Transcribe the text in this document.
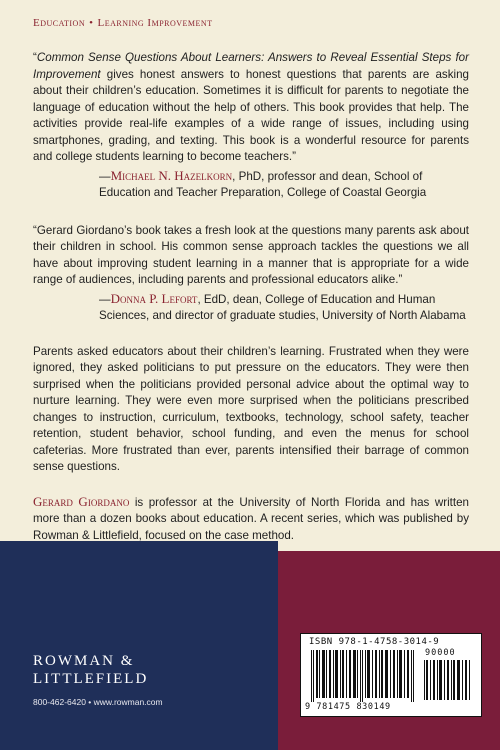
Education • Learning Improvement

“Common Sense Questions About Learners: Answers to Reveal Essential Steps for Improvement gives honest answers to honest questions that parents are asking about their children’s education. Sometimes it is difficult for parents to negotiate the language of education without the help of others. This book provides that help. The activities provide real-life examples of a wide range of issues, including using smartphones, grading, and texting. This book is a wonderful resource for parents and college students learning to become teachers.”

—Michael N. Hazelkorn, PhD, professor and dean, School of Education and Teacher Preparation, College of Coastal Georgia

“Gerard Giordano’s book takes a fresh look at the questions many parents ask about their children in school. His common sense approach tackles the questions we all have about improving student learning in a manner that is appropriate for a wide range of audiences, including parents and professional educators alike.”

—Donna P. Lefort, EdD, dean, College of Education and Human Sciences, and director of graduate studies, University of North Alabama

Parents asked educators about their children’s learning. Frustrated when they were ignored, they asked politicians to put pressure on the educators. They were then surprised when the politicians provided personal advice about the optimal way to nurture learning. They were even more surprised when the politicians prescribed changes to instruction, curriculum, textbooks, technology, school safety, teacher retention, student behavior, school funding, and even the menus for school cafeterias. More frustrated than ever, parents intensified their barrage of common sense questions.

Gerard Giordano is professor at the University of North Florida and has written more than a dozen books about education. A recent series, which was published by Rowman & Littlefield, focused on the case method.

ROWMAN &
LITTLEFIELD
800-462-6420 • www.rowman.com
ISBN 978-1-4758-3014-9
90000
9 781475 830149
